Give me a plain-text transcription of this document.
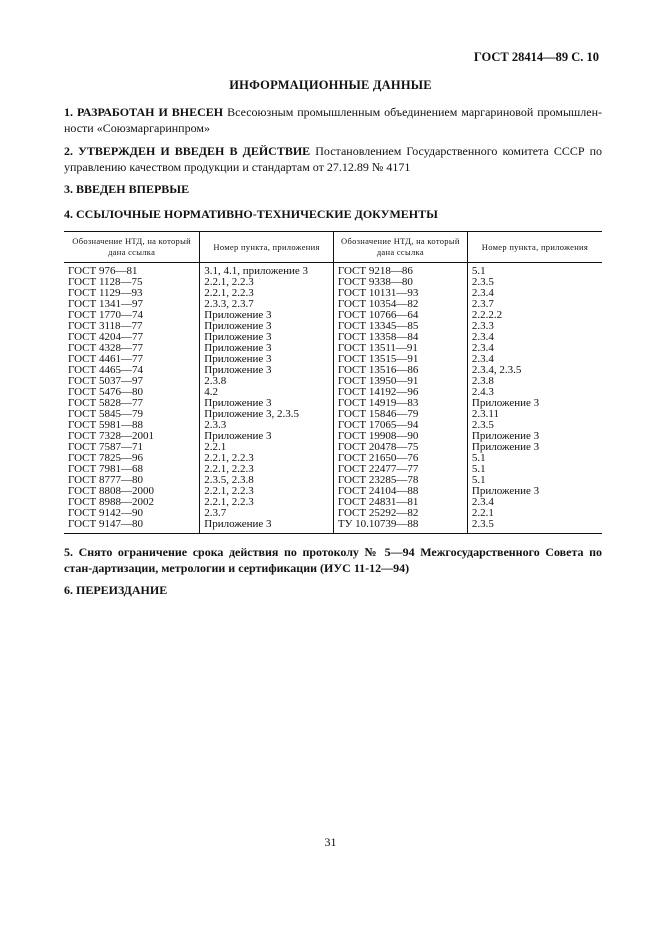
ГОСТ 28414—89 С. 10
ИНФОРМАЦИОННЫЕ ДАННЫЕ
1. РАЗРАБОТАН И ВНЕСЕН Всесоюзным промышленным объединением маргариновой промышлен-ности «Союзмаргаринпром»
2. УТВЕРЖДЕН И ВВЕДЕН В ДЕЙСТВИЕ Постановлением Государственного комитета СССР по управлению качеством продукции и стандартам от 27.12.89 № 4171
3. ВВЕДЕН ВПЕРВЫЕ
4. ССЫЛОЧНЫЕ НОРМАТИВНО-ТЕХНИЧЕСКИЕ ДОКУМЕНТЫ
Обозначение НТД, на который дана ссылка	Номер пункта, приложения	Обозначение НТД, на который дана ссылка	Номер пункта, приложения
ГОСТ 976—81	3.1, 4.1, приложение 3	ГОСТ 9218—86	5.1
ГОСТ 1128—75	2.2.1, 2.2.3	ГОСТ 9338—80	2.3.5
ГОСТ 1129—93	2.2.1, 2.2.3	ГОСТ 10131—93	2.3.4
ГОСТ 1341—97	2.3.3, 2.3.7	ГОСТ 10354—82	2.3.7
ГОСТ 1770—74	Приложение 3	ГОСТ 10766—64	2.2.2.2
ГОСТ 3118—77	Приложение 3	ГОСТ 13345—85	2.3.3
ГОСТ 4204—77	Приложение 3	ГОСТ 13358—84	2.3.4
ГОСТ 4328—77	Приложение 3	ГОСТ 13511—91	2.3.4
ГОСТ 4461—77	Приложение 3	ГОСТ 13515—91	2.3.4
ГОСТ 4465—74	Приложение 3	ГОСТ 13516—86	2.3.4, 2.3.5
ГОСТ 5037—97	2.3.8	ГОСТ 13950—91	2.3.8
ГОСТ 5476—80	4.2	ГОСТ 14192—96	2.4.3
ГОСТ 5828—77	Приложение 3	ГОСТ 14919—83	Приложение 3
ГОСТ 5845—79	Приложение 3, 2.3.5	ГОСТ 15846—79	2.3.11
ГОСТ 5981—88	2.3.3	ГОСТ 17065—94	2.3.5
ГОСТ 7328—2001	Приложение 3	ГОСТ 19908—90	Приложение 3
ГОСТ 7587—71	2.2.1	ГОСТ 20478—75	Приложение 3
ГОСТ 7825—96	2.2.1, 2.2.3	ГОСТ 21650—76	5.1
ГОСТ 7981—68	2.2.1, 2.2.3	ГОСТ 22477—77	5.1
ГОСТ 8777—80	2.3.5, 2.3.8	ГОСТ 23285—78	5.1
ГОСТ 8808—2000	2.2.1, 2.2.3	ГОСТ 24104—88	Приложение 3
ГОСТ 8988—2002	2.2.1, 2.2.3	ГОСТ 24831—81	2.3.4
ГОСТ 9142—90	2.3.7	ГОСТ 25292—82	2.2.1
ГОСТ 9147—80	Приложение 3	ТУ 10.10739—88	2.3.5
5. Снято ограничение срока действия по протоколу № 5—94 Межгосударственного Совета по стан-дартизации, метрологии и сертификации (ИУС 11-12—94)
6. ПЕРЕИЗДАНИЕ
31
